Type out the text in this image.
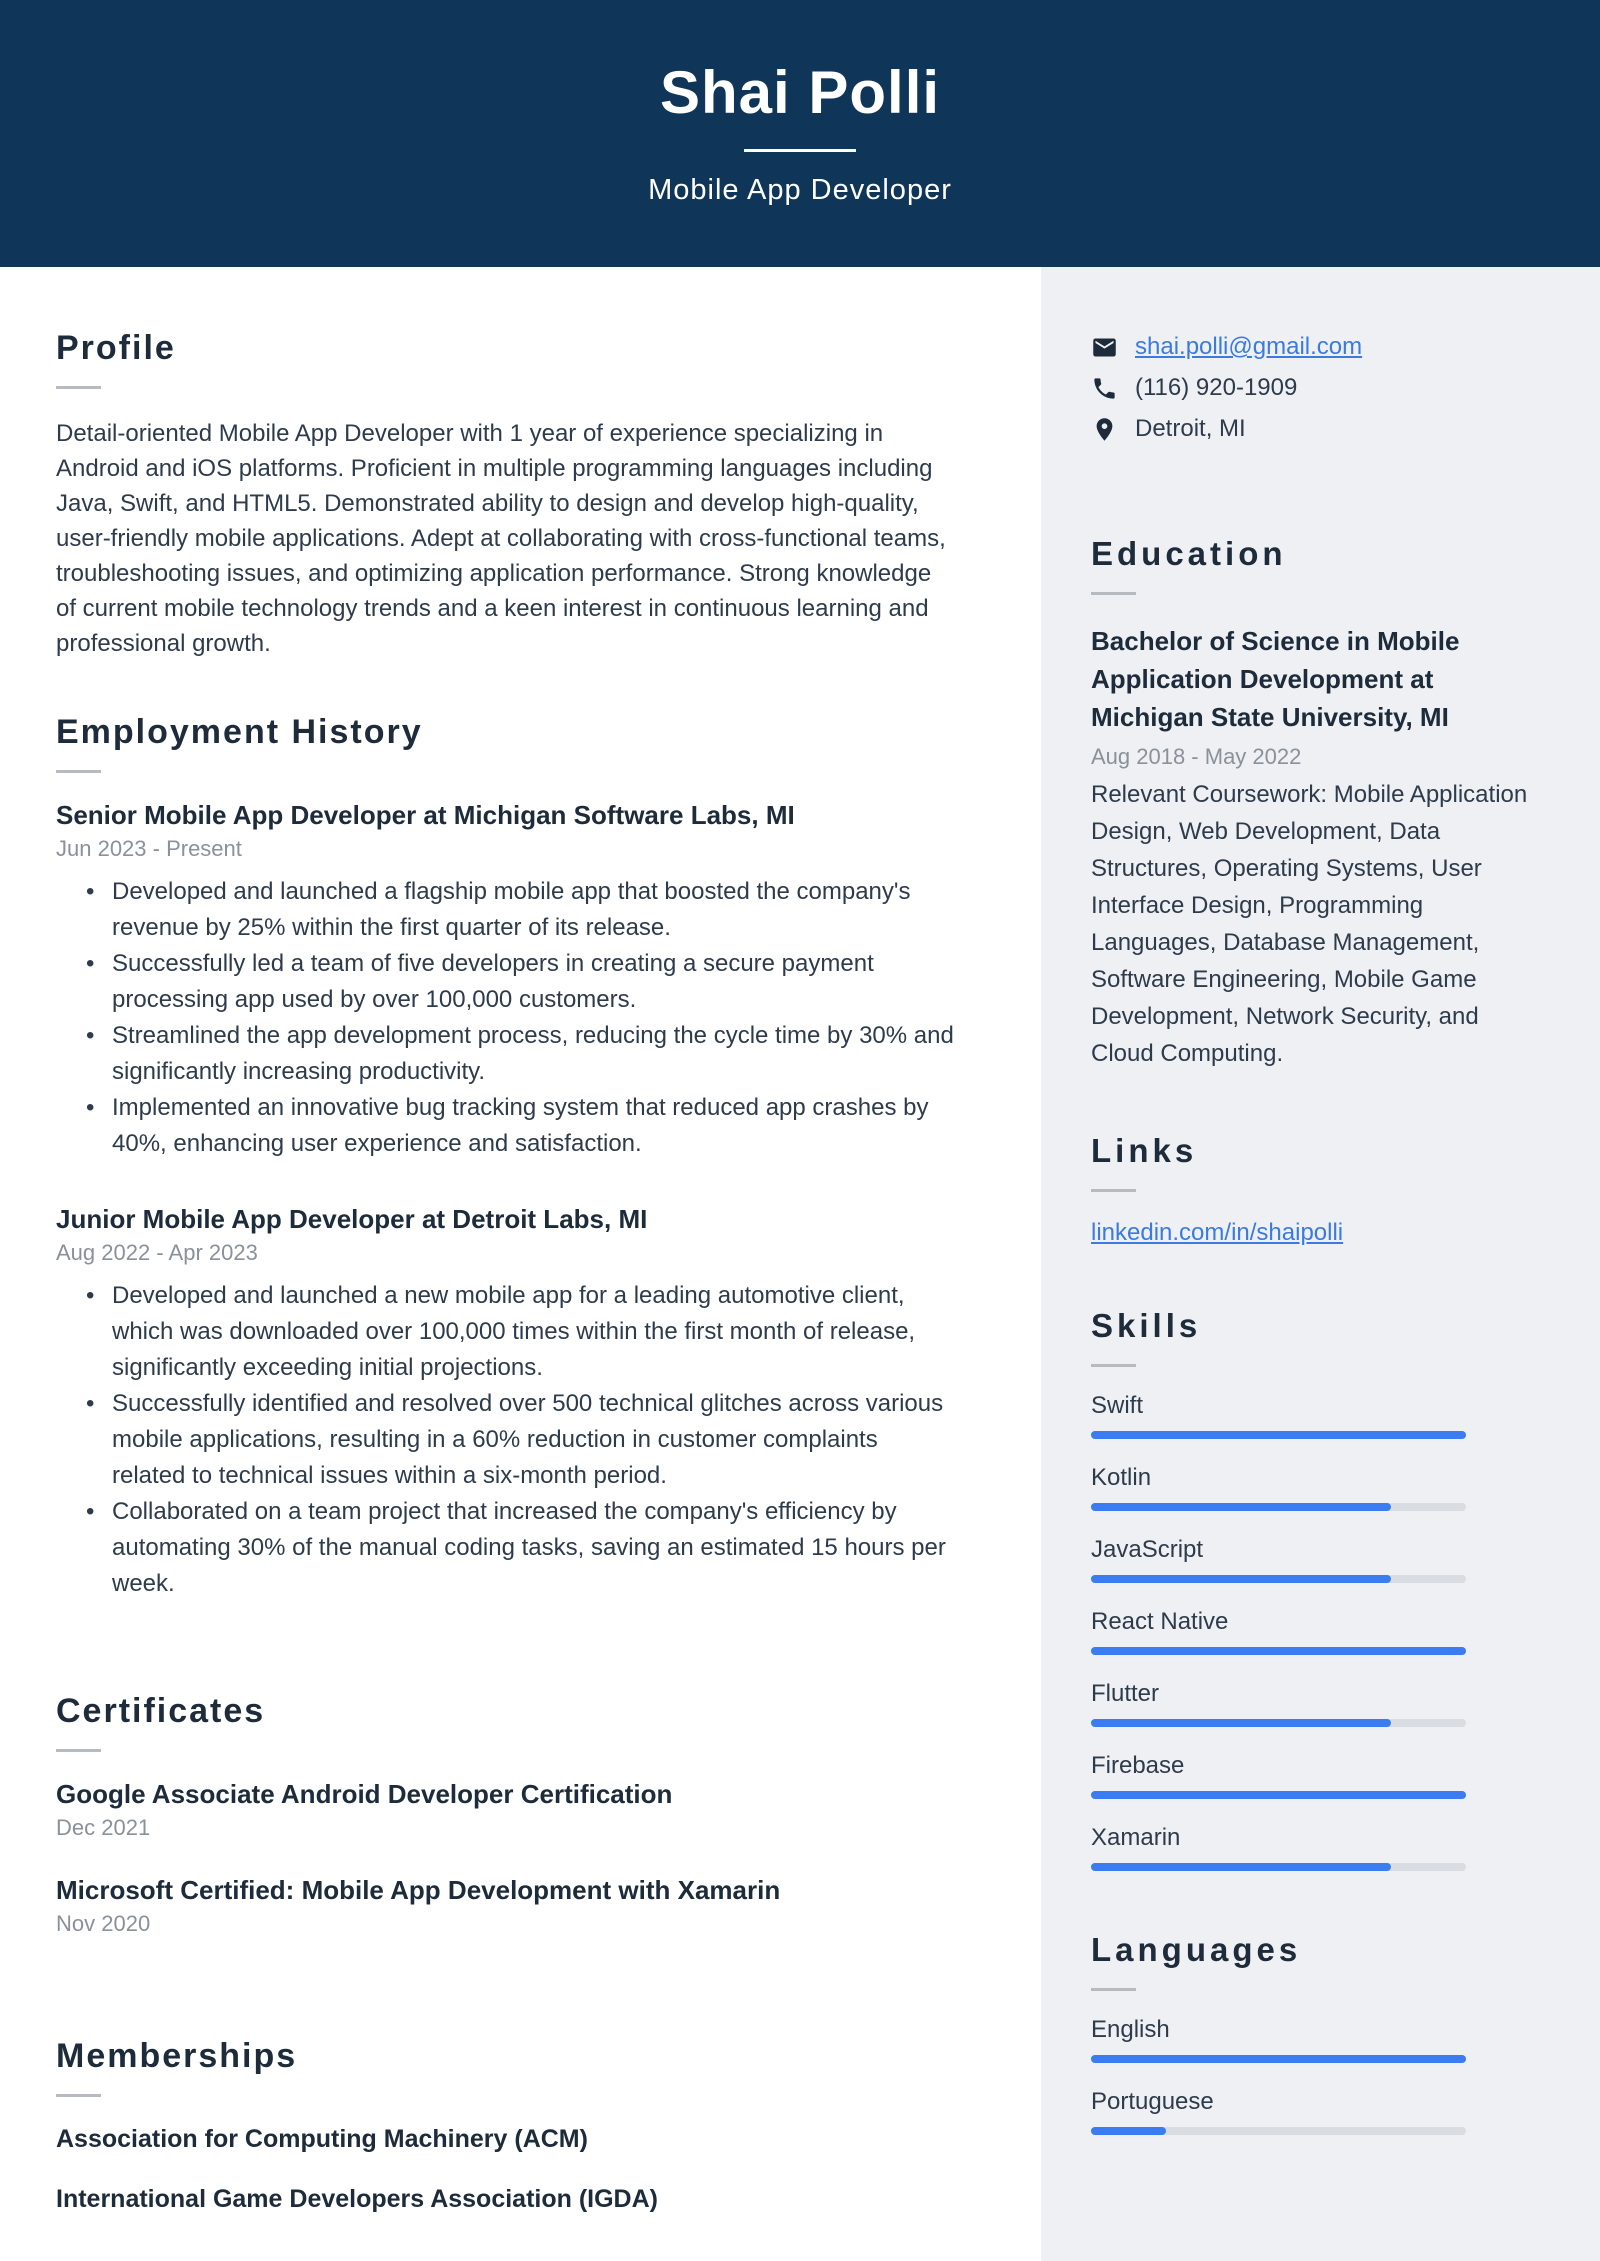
Shai Polli
Mobile App Developer
Profile
Detail-oriented Mobile App Developer with 1 year of experience specializing in Android and iOS platforms. Proficient in multiple programming languages including Java, Swift, and HTML5. Demonstrated ability to design and develop high-quality, user-friendly mobile applications. Adept at collaborating with cross-functional teams, troubleshooting issues, and optimizing application performance. Strong knowledge of current mobile technology trends and a keen interest in continuous learning and professional growth.
Employment History
Senior Mobile App Developer at Michigan Software Labs, MI
Jun 2023 - Present
• Developed and launched a flagship mobile app that boosted the company's revenue by 25% within the first quarter of its release.
• Successfully led a team of five developers in creating a secure payment processing app used by over 100,000 customers.
• Streamlined the app development process, reducing the cycle time by 30% and significantly increasing productivity.
• Implemented an innovative bug tracking system that reduced app crashes by 40%, enhancing user experience and satisfaction.
Junior Mobile App Developer at Detroit Labs, MI
Aug 2022 - Apr 2023
• Developed and launched a new mobile app for a leading automotive client, which was downloaded over 100,000 times within the first month of release, significantly exceeding initial projections.
• Successfully identified and resolved over 500 technical glitches across various mobile applications, resulting in a 60% reduction in customer complaints related to technical issues within a six-month period.
• Collaborated on a team project that increased the company's efficiency by automating 30% of the manual coding tasks, saving an estimated 15 hours per week.
Certificates
Google Associate Android Developer Certification
Dec 2021
Microsoft Certified: Mobile App Development with Xamarin
Nov 2020
Memberships
Association for Computing Machinery (ACM)
International Game Developers Association (IGDA)
shai.polli@gmail.com
(116) 920-1909
Detroit, MI
Education
Bachelor of Science in Mobile Application Development at Michigan State University, MI
Aug 2018 - May 2022
Relevant Coursework: Mobile Application Design, Web Development, Data Structures, Operating Systems, User Interface Design, Programming Languages, Database Management, Software Engineering, Mobile Game Development, Network Security, and Cloud Computing.
Links
linkedin.com/in/shaipolli
Skills
Swift
Kotlin
JavaScript
React Native
Flutter
Firebase
Xamarin
Languages
English
Portuguese
